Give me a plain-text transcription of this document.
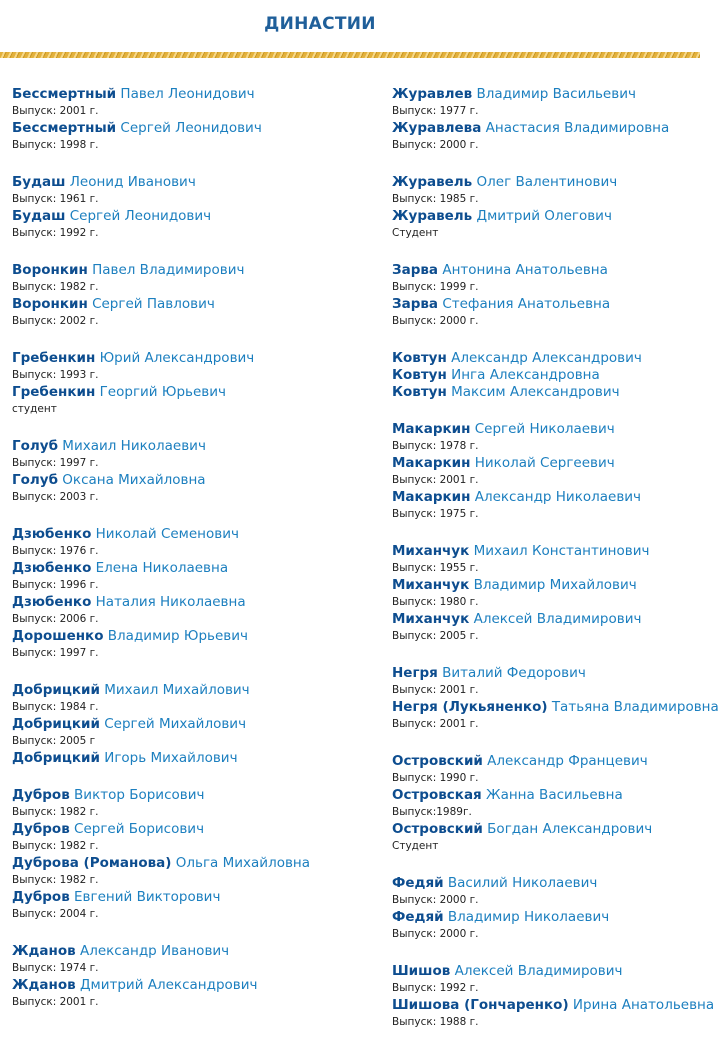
ДИНАСТИИ
Бессмертный Павел Леонидович
Выпуск: 2001 г.
Бессмертный Сергей Леонидович
Выпуск: 1998 г.
Будаш Леонид Иванович
Выпуск: 1961 г.
Будаш Сергей Леонидович
Выпуск: 1992 г.
Воронкин Павел Владимирович
Выпуск: 1982 г.
Воронкин Сергей Павлович
Выпуск: 2002 г.
Гребенкин Юрий Александрович
Выпуск: 1993 г.
Гребенкин Георгий Юрьевич
студент
Голуб Михаил Николаевич
Выпуск: 1997 г.
Голуб Оксана Михайловна
Выпуск: 2003 г.
Дзюбенко Николай Семенович
Выпуск: 1976 г.
Дзюбенко Елена Николаевна
Выпуск: 1996 г.
Дзюбенко Наталия Николаевна
Выпуск: 2006 г.
Дорошенко Владимир Юрьевич
Выпуск: 1997 г.
Добрицкий Михаил Михайлович
Выпуск: 1984 г.
Добрицкий Сергей Михайлович
Выпуск: 2005 г
Добрицкий Игорь Михайлович
Дубров Виктор Борисович
Выпуск: 1982 г.
Дубров Сергей Борисович
Выпуск: 1982 г.
Дуброва (Романова) Ольга Михайловна
Выпуск: 1982 г.
Дубров Евгений Викторович
Выпуск: 2004 г.
Жданов Александр Иванович
Выпуск: 1974 г.
Жданов Дмитрий Александрович
Выпуск: 2001 г.
Журавлев Владимир Васильевич
Выпуск: 1977 г.
Журавлева Анастасия Владимировна
Выпуск: 2000 г.
Журавель Олег Валентинович
Выпуск: 1985 г.
Журавель Дмитрий Олегович
Студент
Зарва Антонина Анатольевна
Выпуск: 1999 г.
Зарва Стефания Анатольевна
Выпуск: 2000 г.
Ковтун Александр Александрович
Ковтун Инга Александровна
Ковтун Максим Александрович
Макаркин Сергей Николаевич
Выпуск: 1978 г.
Макаркин Николай Сергеевич
Выпуск: 2001 г.
Макаркин Александр Николаевич
Выпуск: 1975 г.
Миханчук Михаил Константинович
Выпуск: 1955 г.
Миханчук Владимир Михайлович
Выпуск: 1980 г.
Миханчук Алексей Владимирович
Выпуск: 2005 г.
Негря Виталий Федорович
Выпуск: 2001 г.
Негря (Лукьяненко) Татьяна Владимировна
Выпуск: 2001 г.
Островский Александр Францевич
Выпуск: 1990 г.
Островская Жанна Васильевна
Выпуск:1989г.
Островский Богдан Александрович
Студент
Федяй Василий Николаевич
Выпуск: 2000 г.
Федяй Владимир Николаевич
Выпуск: 2000 г.
Шишов Алексей Владимирович
Выпуск: 1992 г.
Шишова (Гончаренко) Ирина Анатольевна
Выпуск: 1988 г.
